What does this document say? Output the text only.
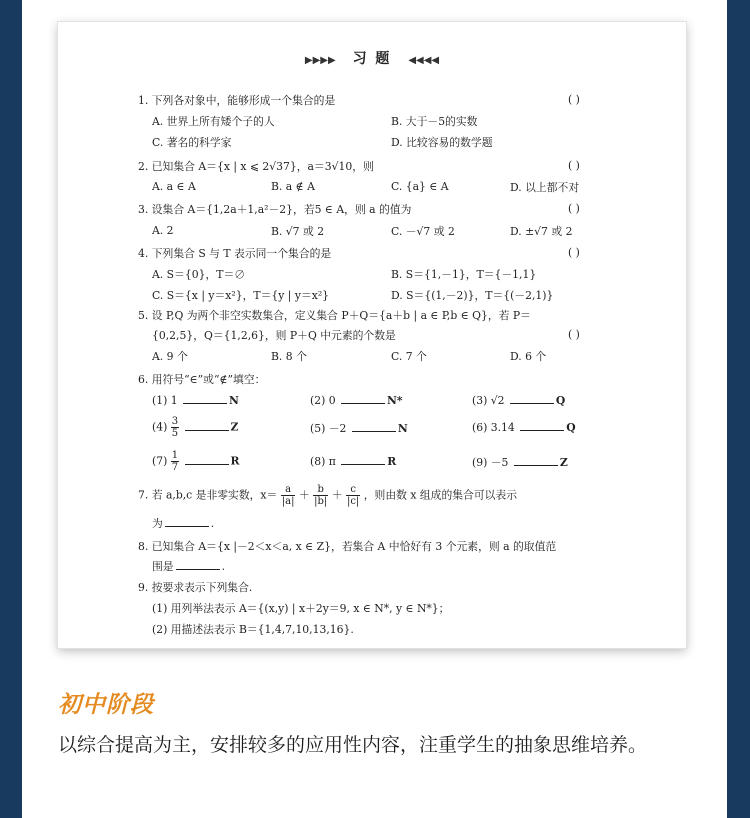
▶▶▶▶ 习 题 ◀◀◀◀
1. 下列各对象中，能够形成一个集合的是	( )
A. 世界上所有矮个子的人	B. 大于－5的实数
C. 著名的科学家	D. 比较容易的数学题
2. 已知集合 A＝{x | x ⩽ 2√37}，a＝3√10，则	( )
A. a ∈ A	B. a ∉ A	C. {a} ∈ A	D. 以上都不对
3. 设集合 A＝{1,2a＋1,a²－2}，若5 ∈ A，则 a 的值为	( )
A. 2	B. √7 或 2	C. －√7 或 2	D. ±√7 或 2
4. 下列集合 S 与 T 表示同一个集合的是	( )
A. S＝{0}，T＝∅	B. S＝{1,－1}，T＝{－1,1}
C. S＝{x | y＝x²}，T＝{y | y＝x²}	D. S＝{(1,－2)}，T＝{(－2,1)}
5. 设 P,Q 为两个非空实数集合，定义集合 P＋Q＝{a＋b | a ∈ P,b ∈ Q}，若 P＝
{0,2,5}，Q＝{1,2,6}，则 P＋Q 中元素的个数是	( )
A. 9 个	B. 8 个	C. 7 个	D. 6 个
6. 用符号“∈”或“∉”填空：
(1) 1	N	(2) 0	N*	(3) √2	Q
$(4) \frac{3}{5}$	Z	(5) －2	N	(6) 3.14	Q
$(7) \frac{1}{7}$	R	(8) π	R	(9) －5	Z
7. 若 a,b,c 是非零实数，$x= \frac{a}{|a|} + \frac{b}{|b|} + \frac{c}{|c|}$ ，则由数 x 组成的集合可以表示
为	.
8. 已知集合 A＝{x |－2＜x＜a, x ∈ Z}，若集合 A 中恰好有 3 个元素，则 a 的取值范
围是	.
9. 按要求表示下列集合.
(1) 用列举法表示 A＝{(x,y) | x＋2y＝9, x ∈ N*, y ∈ N*}；
(2) 用描述法表示 B＝{1,4,7,10,13,16}.
初中阶段
以综合提高为主，安排较多的应用性内容，注重学生的抽象思维培养。
